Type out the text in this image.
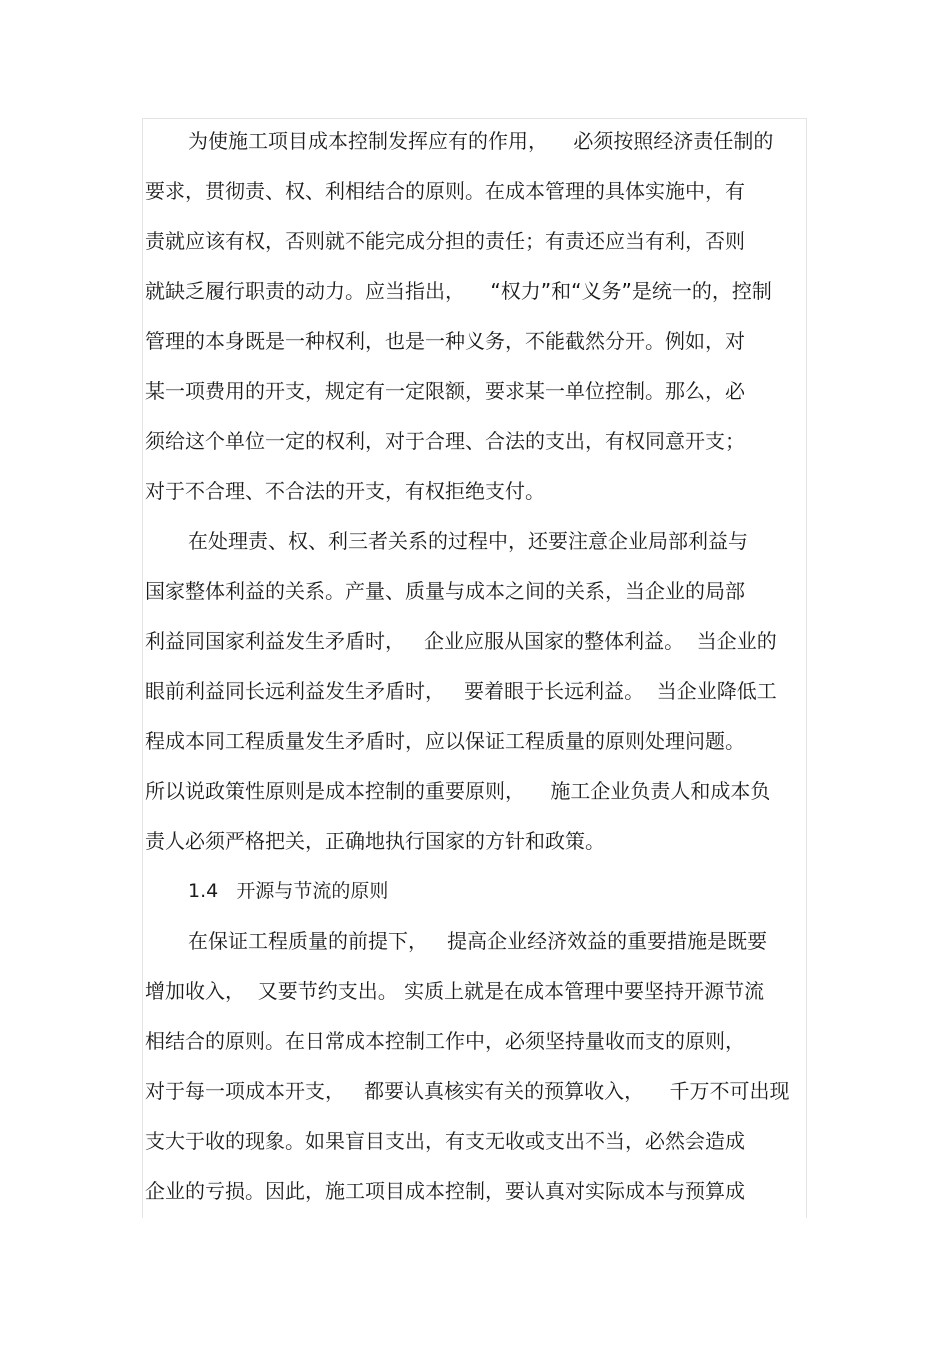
为使施工项目成本控制发挥应有的作用，    必须按照经济责任制的
要求，贯彻责、权、利相结合的原则。在成本管理的具体实施中，有
责就应该有权，否则就不能完成分担的责任；有责还应当有利，否则
就缺乏履行职责的动力。应当指出，    “权力”和“义务”是统一的，控制
管理的本身既是一种权利，也是一种义务，不能截然分开。例如，对
某一项费用的开支，规定有一定限额，要求某一单位控制。那么，必
须给这个单位一定的权利，对于合理、合法的支出，有权同意开支；
对于不合理、不合法的开支，有权拒绝支付。
在处理责、权、利三者关系的过程中，还要注意企业局部利益与
国家整体利益的关系。产量、质量与成本之间的关系，当企业的局部
利益同国家利益发生矛盾时，   企业应服从国家的整体利益。  当企业的
眼前利益同长远利益发生矛盾时，   要着眼于长远利益。  当企业降低工
程成本同工程质量发生矛盾时，应以保证工程质量的原则处理问题。
所以说政策性原则是成本控制的重要原则，    施工企业负责人和成本负
责人必须严格把关，正确地执行国家的方针和政策。
1.4   开源与节流的原则
在保证工程质量的前提下，   提高企业经济效益的重要措施是既要
增加收入，  又要节约支出。 实质上就是在成本管理中要坚持开源节流
相结合的原则。在日常成本控制工作中，必须坚持量收而支的原则，
对于每一项成本开支，   都要认真核实有关的预算收入，    千万不可出现
支大于收的现象。如果盲目支出，有支无收或支出不当，必然会造成
企业的亏损。因此，施工项目成本控制，要认真对实际成本与预算成
